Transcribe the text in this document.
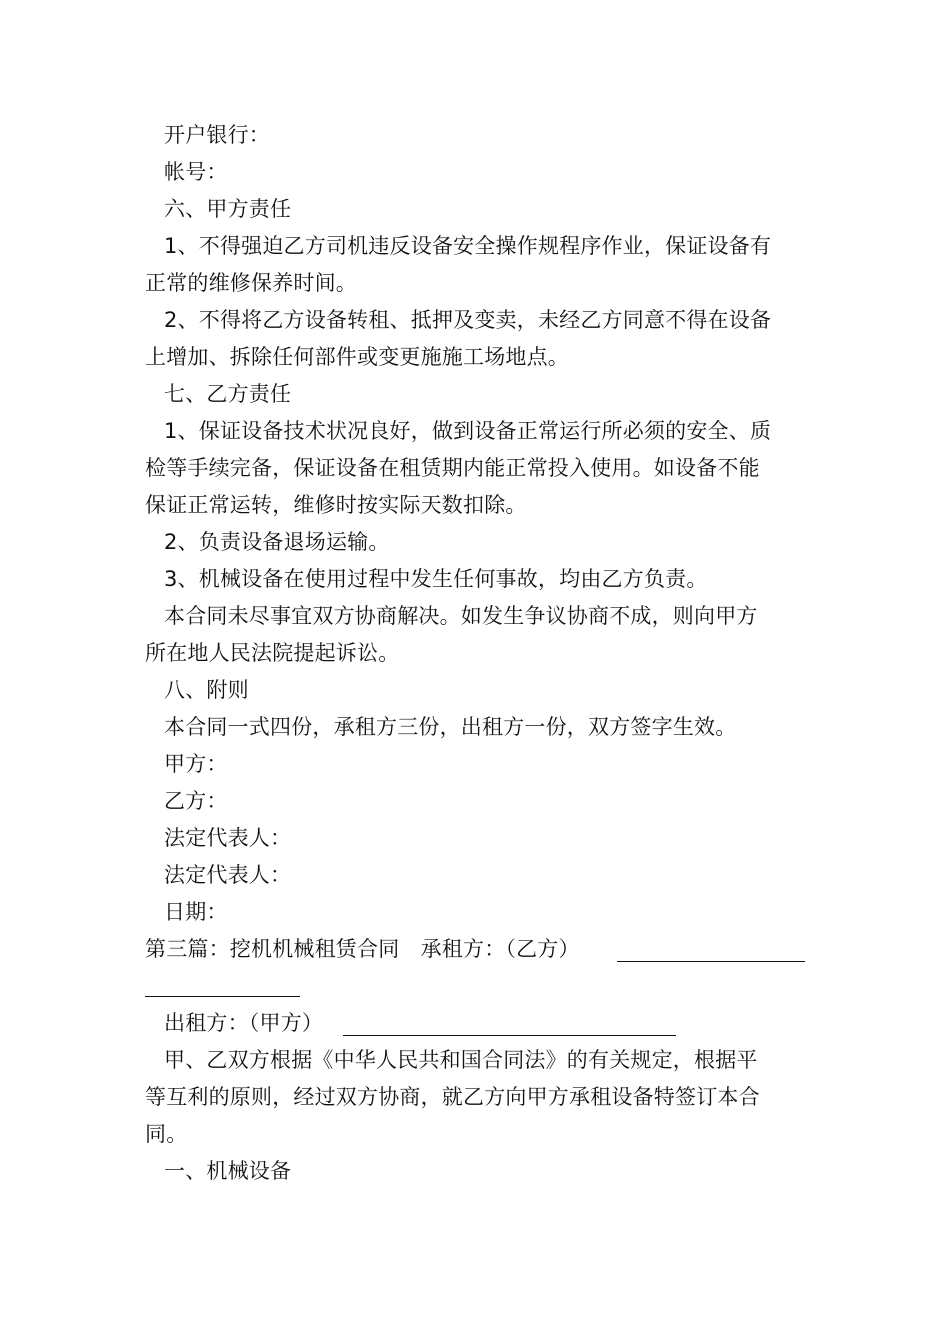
开户银行：
帐号：
六、甲方责任
1、不得强迫乙方司机违反设备安全操作规程序作业，保证设备有
正常的维修保养时间。
2、不得将乙方设备转租、抵押及变卖，未经乙方同意不得在设备
上增加、拆除任何部件或变更施施工场地点。
七、乙方责任
1、保证设备技术状况良好，做到设备正常运行所必须的安全、质
检等手续完备，保证设备在租赁期内能正常投入使用。如设备不能
保证正常运转，维修时按实际天数扣除。
2、负责设备退场运输。
3、机械设备在使用过程中发生任何事故，均由乙方负责。
本合同未尽事宜双方协商解决。如发生争议协商不成，则向甲方
所在地人民法院提起诉讼。
八、附则
本合同一式四份，承租方三份，出租方一份，双方签字生效。
甲方：
乙方：
法定代表人：
法定代表人：
日期：
第三篇：挖机机械租赁合同　承租方：（乙方）
出租方：（甲方）
甲、乙双方根据《中华人民共和国合同法》的有关规定，根据平
等互利的原则，经过双方协商，就乙方向甲方承租设备特签订本合
同。
一、机械设备
